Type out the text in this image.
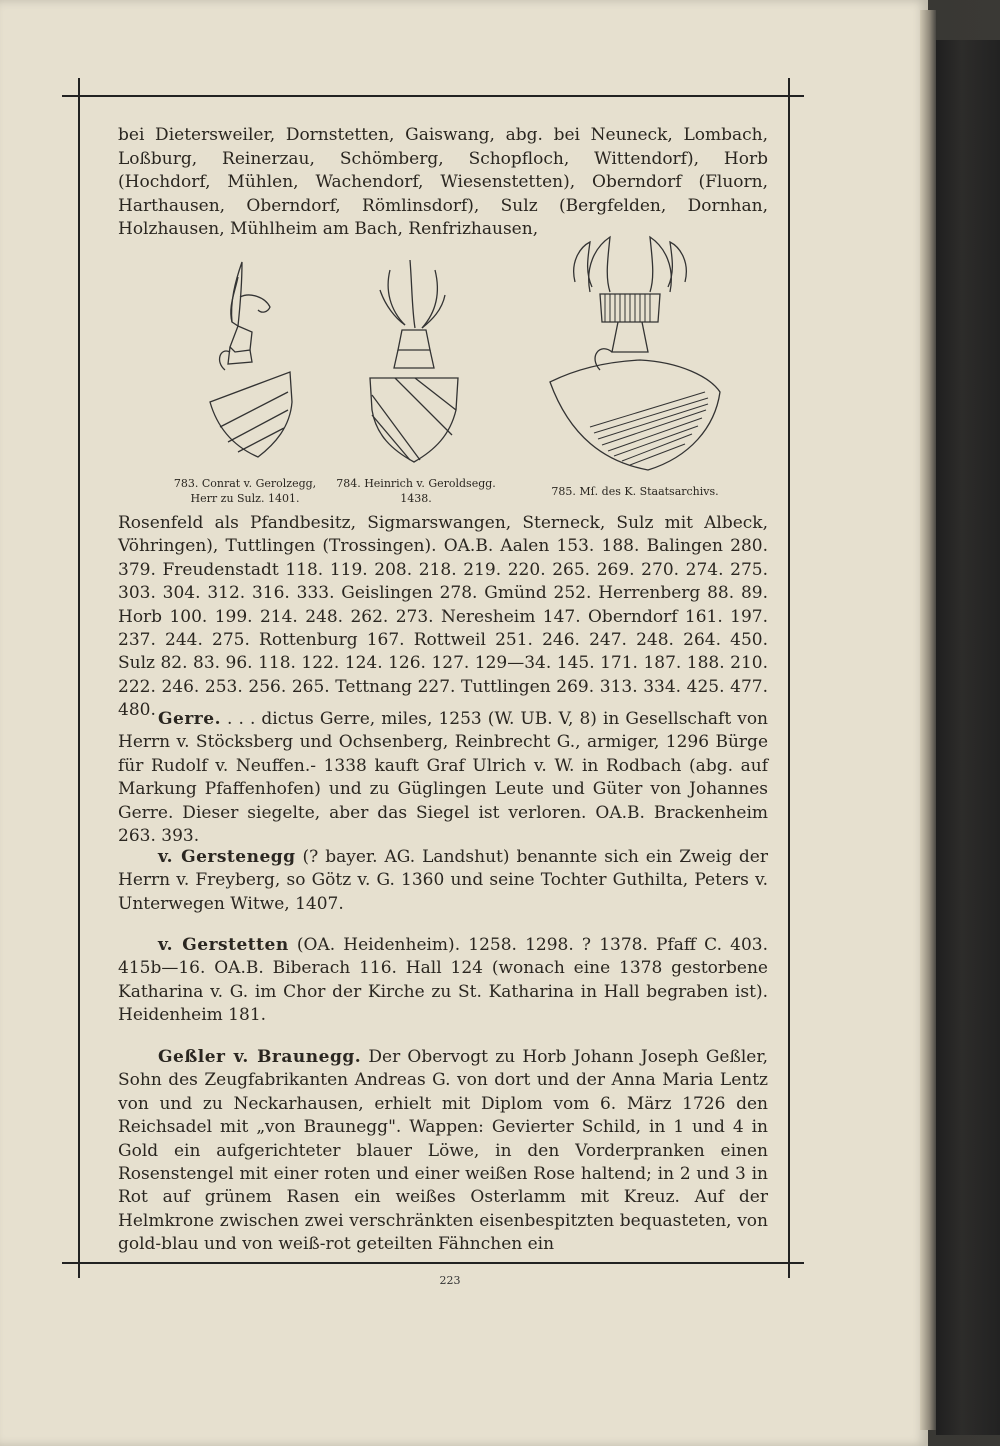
bei Dietersweiler, Dornstetten, Gaiswang, abg. bei Neuneck, Lombach, Loßburg, Reinerzau, Schömberg, Schopfloch, Wittendorf), Horb (Hochdorf, Mühlen, Wachendorf, Wiesenstetten), Oberndorf (Fluorn, Harthausen, Oberndorf, Römlinsdorf), Sulz (Bergfelden, Dornhan, Holzhausen, Mühlheim am Bach, Renfrizhausen,
783. Conrat v. Gerolzegg,
Herr zu Sulz. 1401.
784. Heinrich v. Geroldsegg.
1438.
785. Mſ. des K. Staatsarchivs.
Rosenfeld als Pfandbesitz, Sigmarswangen, Sterneck, Sulz mit Albeck, Vöhringen), Tuttlingen (Trossingen). OA.B. Aalen 153. 188. Balingen 280. 379. Freudenstadt 118. 119. 208. 218. 219. 220. 265. 269. 270. 274. 275. 303. 304. 312. 316. 333. Geislingen 278. Gmünd 252. Herrenberg 88. 89. Horb 100. 199. 214. 248. 262. 273. Neresheim 147. Oberndorf 161. 197. 237. 244. 275. Rottenburg 167. Rottweil 251. 246. 247. 248. 264. 450. Sulz 82. 83. 96. 118. 122. 124. 126. 127. 129—34. 145. 171. 187. 188. 210. 222. 246. 253. 256. 265. Tettnang 227. Tuttlingen 269. 313. 334. 425. 477. 480. Gerre. . . . dictus Gerre, miles, 1253 (W. UB. V, 8) in Gesellschaft von Herrn v. Stöcksberg und Ochsenberg, Reinbrecht G., armiger, 1296 Bürge für Rudolf v. Neuffen.- 1338 kauft Graf Ulrich v. W. in Rodbach (abg. auf Markung Pfaffenhofen) und zu Güglingen Leute und Güter von Johannes Gerre. Dieser siegelte, aber das Siegel ist verloren. OA.B. Brackenheim 263. 393.
v. Gerstenegg (? bayer. AG. Landshut) benannte sich ein Zweig der Herrn v. Freyberg, so Götz v. G. 1360 und seine Tochter Guthilta, Peters v. Unterwegen Witwe, 1407.
v. Gerstetten (OA. Heidenheim). 1258. 1298. ? 1378. Pfaff C. 403. 415b—16. OA.B. Biberach 116. Hall 124 (wonach eine 1378 gestorbene Katharina v. G. im Chor der Kirche zu St. Katharina in Hall begraben ist). Heidenheim 181.
Geßler v. Braunegg. Der Obervogt zu Horb Johann Joseph Geßler, Sohn des Zeugfabrikanten Andreas G. von dort und der Anna Maria Lentz von und zu Neckarhausen, erhielt mit Diplom vom 6. März 1726 den Reichsadel mit „von Braunegg". Wappen: Gevierter Schild, in 1 und 4 in Gold ein aufgerichteter blauer Löwe, in den Vorderpranken einen Rosenstengel mit einer roten und einer weißen Rose haltend; in 2 und 3 in Rot auf grünem Rasen ein weißes Osterlamm mit Kreuz. Auf der Helmkrone zwischen zwei verschränkten eisenbespitzten bequasteten, von gold-blau und von weiß-rot geteilten Fähnchen ein
223
